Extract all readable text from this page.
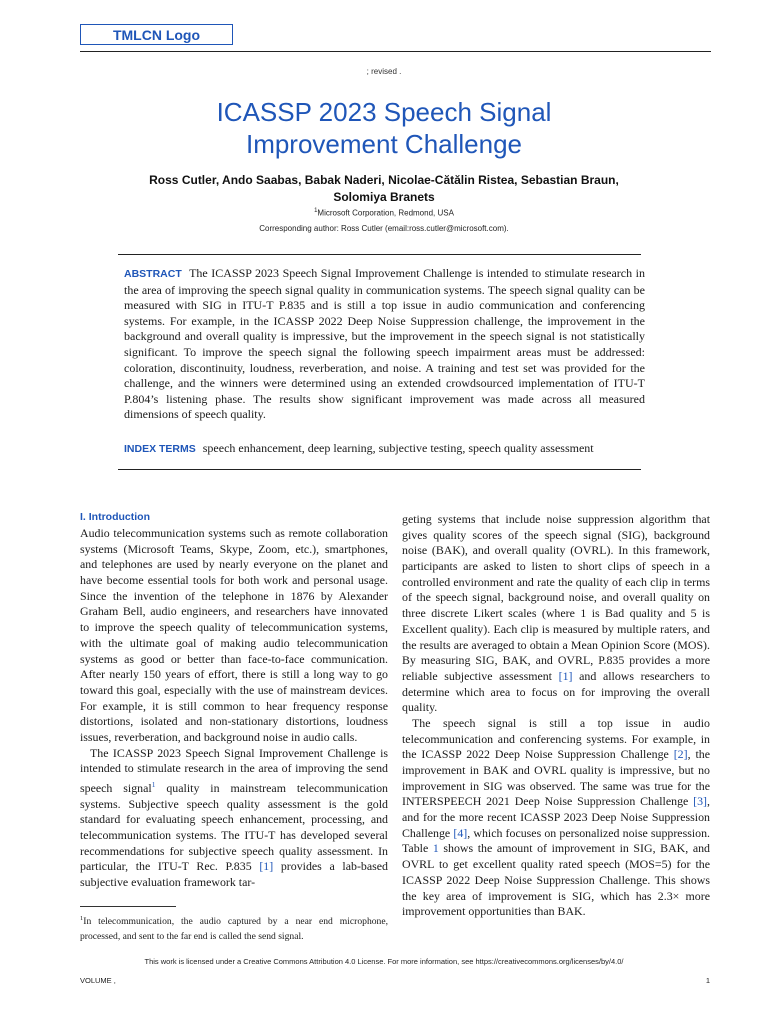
TMLCN Logo
; revised .
ICASSP 2023 Speech Signal
Improvement Challenge
Ross Cutler, Ando Saabas, Babak Naderi, Nicolae-Cătălin Ristea, Sebastian Braun,
Solomiya Branets
$^1$Microsoft Corporation, Redmond, USA
Corresponding author: Ross Cutler (email:ross.cutler@microsoft.com).
ABSTRACT The ICASSP 2023 Speech Signal Improvement Challenge is intended to stimulate research in the area of improving the speech signal quality in communication systems. The speech signal quality can be measured with SIG in ITU-T P.835 and is still a top issue in audio communication and conferencing systems. For example, in the ICASSP 2022 Deep Noise Suppression challenge, the improvement in the background and overall quality is impressive, but the improvement in the speech signal is not statistically significant. To improve the speech signal the following speech impairment areas must be addressed: coloration, discontinuity, loudness, reverberation, and noise. A training and test set was provided for the challenge, and the winners were determined using an extended crowdsourced implementation of ITU-T P.804’s listening phase. The results show significant improvement was made across all measured dimensions of speech quality.
INDEX TERMS speech enhancement, deep learning, subjective testing, speech quality assessment
I. Introduction

Audio telecommunication systems such as remote collaboration systems (Microsoft Teams, Skype, Zoom, etc.), smartphones, and telephones are used by nearly everyone on the planet and have become essential tools for both work and personal usage. Since the invention of the telephone in 1876 by Alexander Graham Bell, audio engineers, and researchers have innovated to improve the speech quality of telecommunication systems, with the ultimate goal of making audio telecommunication systems as good or better than face-to-face communication. After nearly 150 years of effort, there is still a long way to go toward this goal, especially with the use of mainstream devices. For example, it is still common to hear frequency response distortions, isolated and non-stationary distortions, loudness issues, reverberation, and background noise in audio calls.

The ICASSP 2023 Speech Signal Improvement Challenge is intended to stimulate research in the area of improving the send speech signal$^1$ quality in mainstream telecommunication systems. Subjective speech quality assessment is the gold standard for evaluating speech enhancement, processing, and telecommunication systems. The ITU-T has developed several recommendations for subjective speech quality assessment. In particular, the ITU-T Rec. P.835 [1] provides a lab-based subjective evaluation framework tar-

geting systems that include noise suppression algorithm that gives quality scores of the speech signal (SIG), background noise (BAK), and overall quality (OVRL). In this framework, participants are asked to listen to short clips of speech in a controlled environment and rate the quality of each clip in terms of the speech signal, background noise, and overall quality on three discrete Likert scales (where 1 is Bad quality and 5 is Excellent quality). Each clip is measured by multiple raters, and the results are averaged to obtain a Mean Opinion Score (MOS). By measuring SIG, BAK, and OVRL, P.835 provides a more reliable subjective assessment [1] and allows researchers to determine which area to focus on for improving the overall quality.

The speech signal is still a top issue in audio telecommunication and conferencing systems. For example, in the ICASSP 2022 Deep Noise Suppression Challenge [2], the improvement in BAK and OVRL quality is impressive, but no improvement in SIG was observed. The same was true for the INTERSPEECH 2021 Deep Noise Suppression Challenge [3], and for the more recent ICASSP 2023 Deep Noise Suppression Challenge [4], which focuses on personalized noise suppression. Table 1 shows the amount of improvement in SIG, BAK, and OVRL to get excellent quality rated speech (MOS=5) for the ICASSP 2022 Deep Noise Suppression Challenge. This shows the key area of improvement is SIG, which has 2.3× more improvement opportunities than BAK.

$^1$In telecommunication, the audio captured by a near end microphone, processed, and sent to the far end is called the send signal.
This work is licensed under a Creative Commons Attribution 4.0 License. For more information, see https://creativecommons.org/licenses/by/4.0/
VOLUME ,	1
